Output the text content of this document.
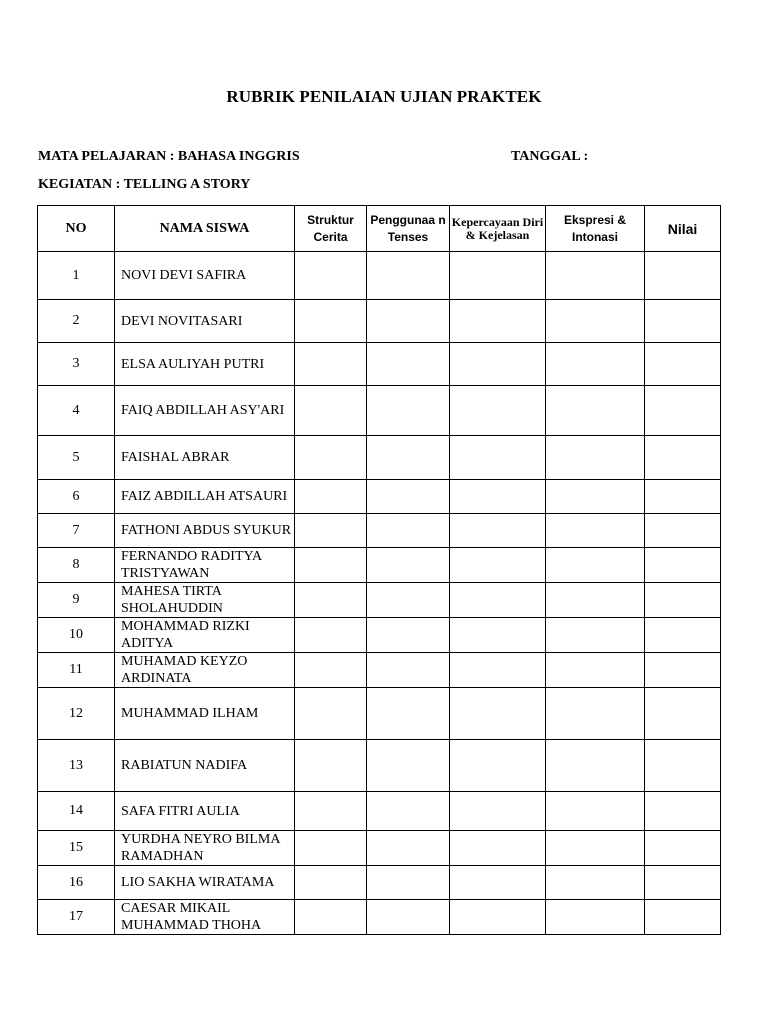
RUBRIK PENILAIAN UJIAN PRAKTEK
MATA PELAJARAN : BAHASA INGGRIS	TANGGAL :
KEGIATAN : TELLING A STORY
NO	NAMA SISWA	Struktur Cerita	Penggunaa n Tenses	Kepercayaan Diri & Kejelasan	Ekspresi & Intonasi	Nilai
1	NOVI DEVI SAFIRA					
2	DEVI NOVITASARI					
3	ELSA AULIYAH PUTRI					
4	FAIQ ABDILLAH ASY'ARI					
5	FAISHAL ABRAR					
6	FAIZ ABDILLAH ATSAURI					
7	FATHONI ABDUS SYUKUR					
8	FERNANDO RADITYA TRISTYAWAN					
9	MAHESA TIRTA SHOLAHUDDIN					
10	MOHAMMAD RIZKI ADITYA					
11	MUHAMAD KEYZO ARDINATA					
12	MUHAMMAD ILHAM					
13	RABIATUN NADIFA					
14	SAFA FITRI AULIA					
15	YURDHA NEYRO BILMA RAMADHAN					
16	LIO SAKHA WIRATAMA					
17	CAESAR MIKAIL MUHAMMAD THOHA					
